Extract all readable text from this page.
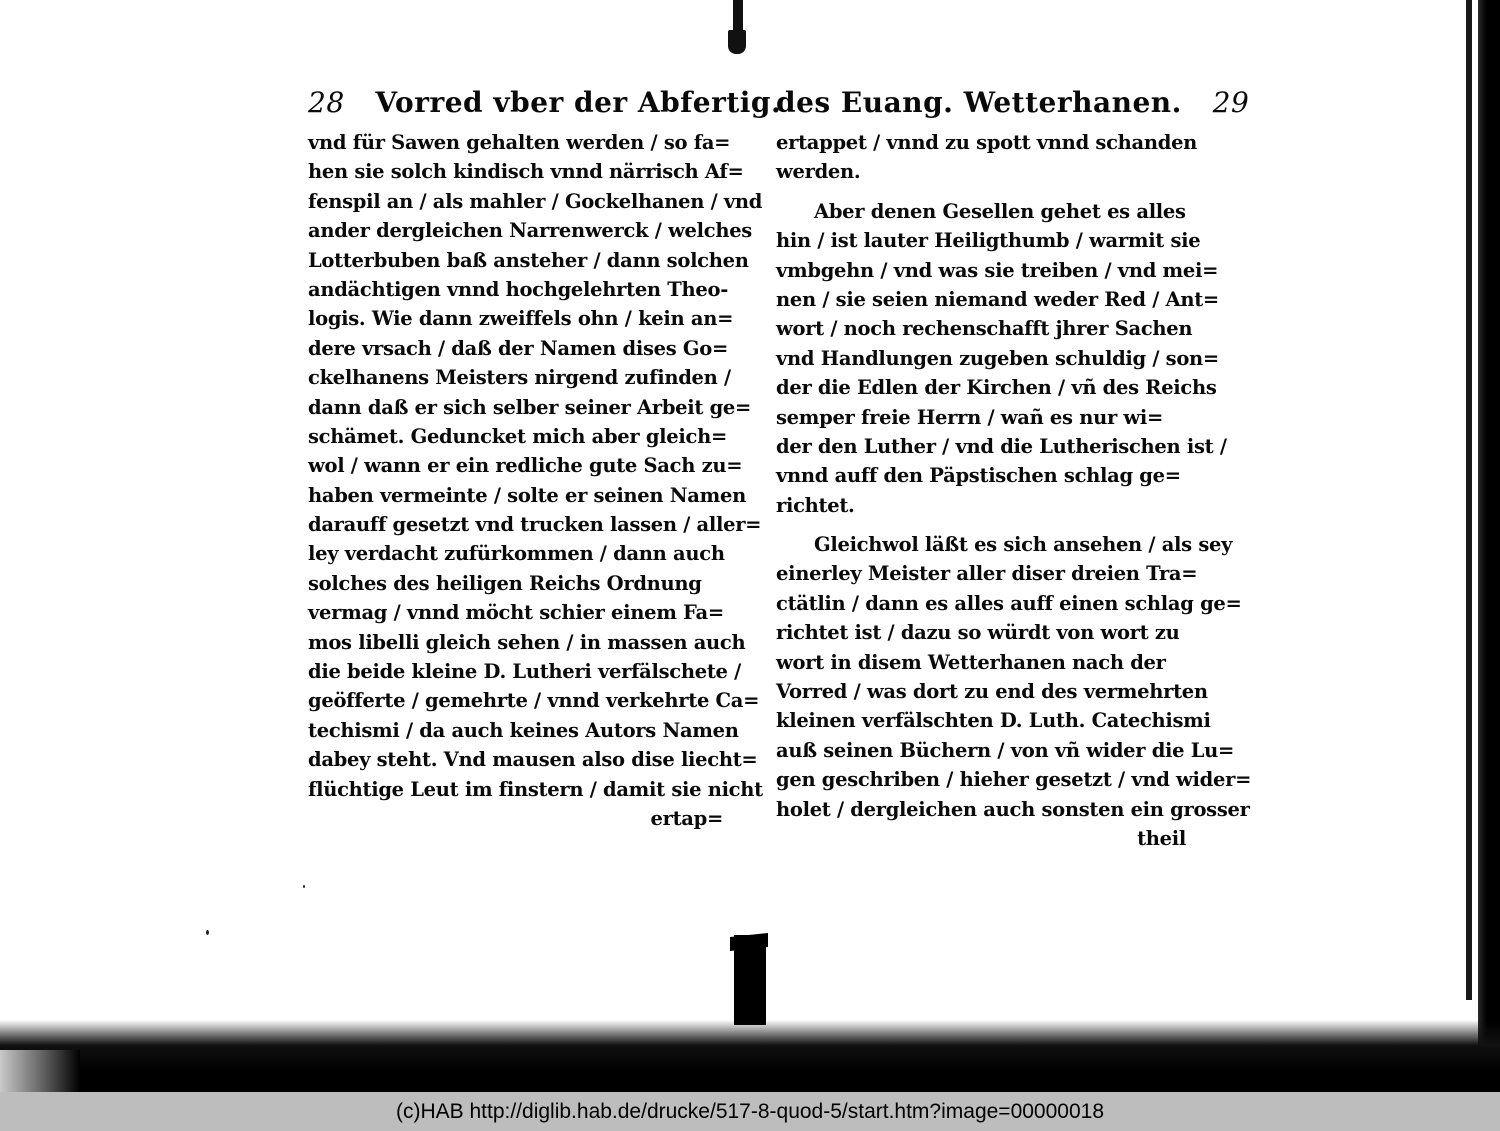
28 Vorred vber der Abfertig.
vnd für Sawen gehalten werden / so fa=
hen sie solch kindisch vnnd närrisch Af=
fenspil an / als mahler / Gockelhanen / vnd
ander dergleichen Narrenwerck / welches
Lotterbuben baß ansteher / dann solchen
andächtigen vnnd hochgelehrten Theo-
logis. Wie dann zweiffels ohn / kein an=
dere vrsach / daß der Namen dises Go=
ckelhanens Meisters nirgend zufinden /
dann daß er sich selber seiner Arbeit ge=
schämet. Geduncket mich aber gleich=
wol / wann er ein redliche gute Sach zu=
haben vermeinte / solte er seinen Namen
darauff gesetzt vnd trucken lassen / aller=
ley verdacht zufürkommen / dann auch
solches des heiligen Reichs Ordnung
vermag / vnnd möcht schier einem Fa=
mos libelli gleich sehen / in massen auch
die beide kleine D. Lutheri verfälschete /
geöfferte / gemehrte / vnnd verkehrte Ca=
techismi / da auch keines Autors Namen
dabey steht. Vnd mausen also dise liecht=
flüchtige Leut im finstern / damit sie nicht
ertap=
des Euang. Wetterhanen. 29
ertappet / vnnd zu spott vnnd schanden
werden.
Aber denen Gesellen gehet es alles
hin / ist lauter Heiligthumb / warmit sie
vmbgehn / vnd was sie treiben / vnd mei=
nen / sie seien niemand weder Red / Ant=
wort / noch rechenschafft jhrer Sachen
vnd Handlungen zugeben schuldig / son=
der die Edlen der Kirchen / vñ des Reichs
semper freie Herrn / wañ es nur wi=
der den Luther / vnd die Lutherischen ist /
vnnd auff den Päpstischen schlag ge=
richtet.
Gleichwol läßt es sich ansehen / als sey
einerley Meister aller diser dreien Tra=
ctätlin / dann es alles auff einen schlag ge=
richtet ist / dazu so würdt von wort zu
wort in disem Wetterhanen nach der
Vorred / was dort zu end des vermehrten
kleinen verfälschten D. Luth. Catechismi
auß seinen Büchern / von vñ wider die Lu=
gen geschriben / hieher gesetzt / vnd wider=
holet / dergleichen auch sonsten ein grosser
theil
(c)HAB http://diglib.hab.de/drucke/517-8-quod-5/start.htm?image=00000018
